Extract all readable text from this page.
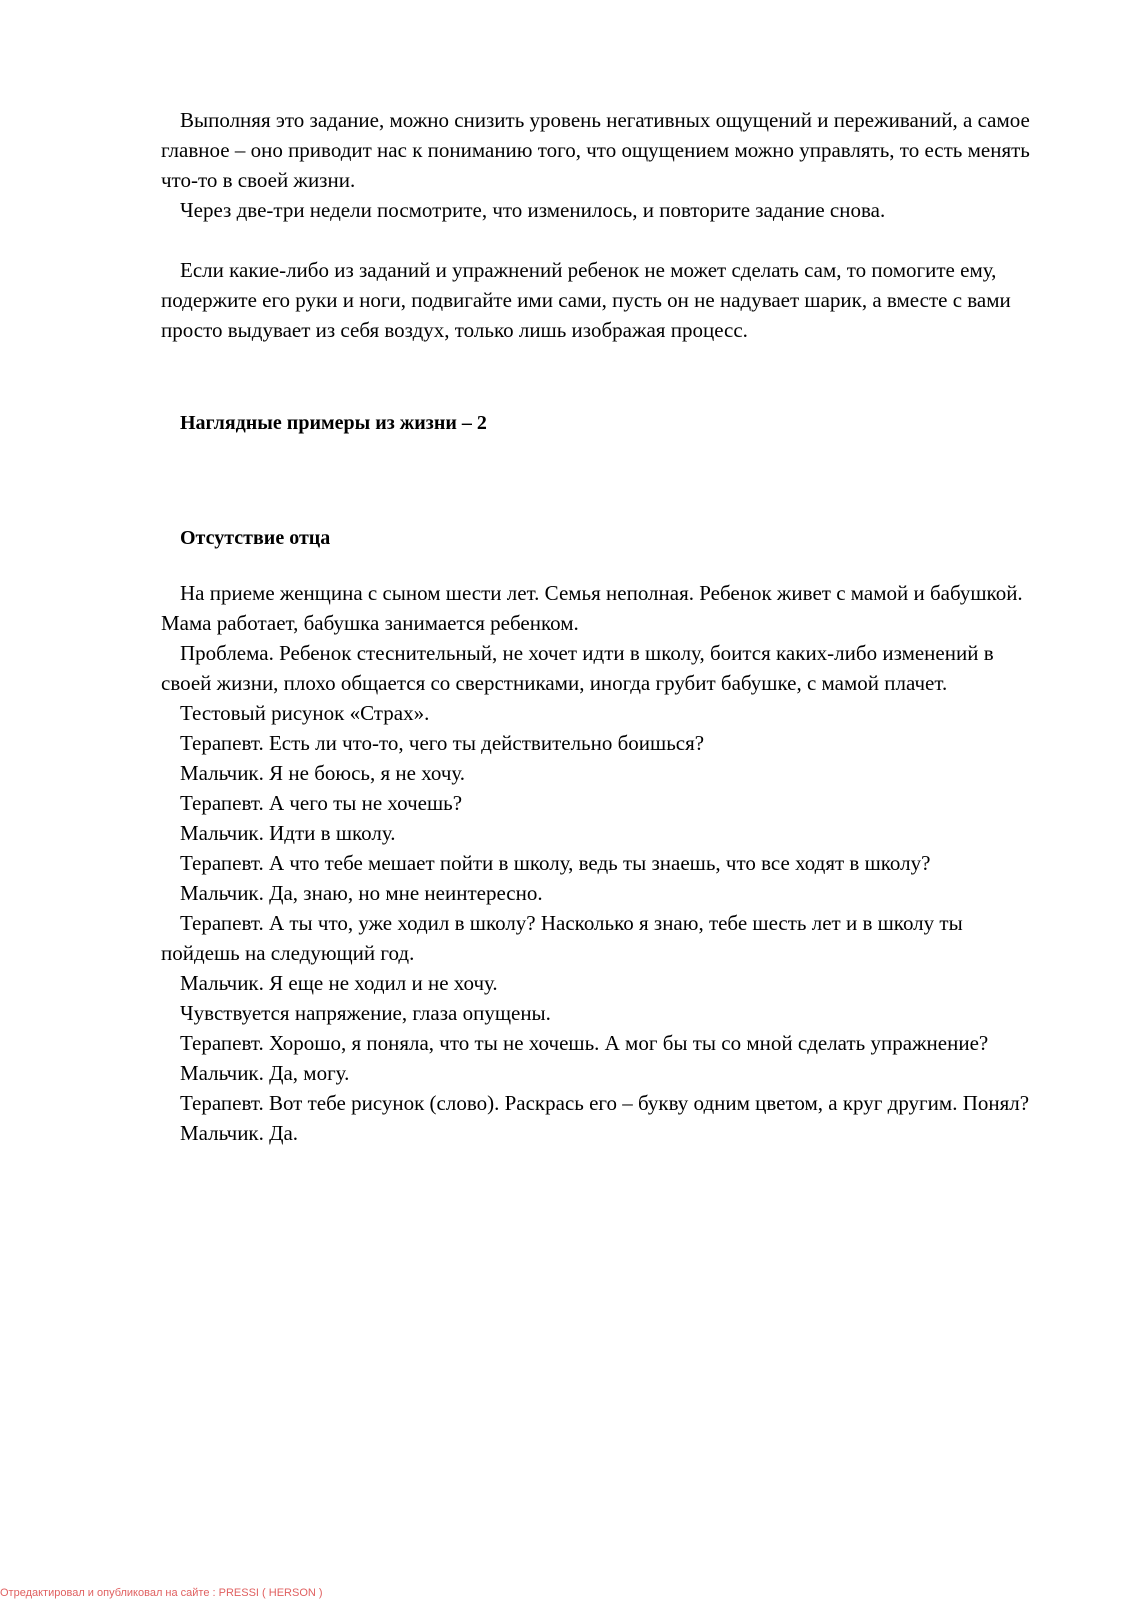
Выполняя это задание, можно снизить уровень негативных ощущений и переживаний, а самое главное – оно приводит нас к пониманию того, что ощущением можно управлять, то есть менять что-то в своей жизни.

Через две-три недели посмотрите, что изменилось, и повторите задание снова.

Если какие-либо из заданий и упражнений ребенок не может сделать сам, то помогите ему, подержите его руки и ноги, подвигайте ими сами, пусть он не надувает шарик, а вместе с вами просто выдувает из себя воздух, только лишь изображая процесс.

Наглядные примеры из жизни – 2
Отсутствие отца

На приеме женщина с сыном шести лет. Семья неполная. Ребенок живет с мамой и бабушкой. Мама работает, бабушка занимается ребенком.

Проблема. Ребенок стеснительный, не хочет идти в школу, боится каких-либо изменений в своей жизни, плохо общается со сверстниками, иногда грубит бабушке, с мамой плачет.

Тестовый рисунок «Страх».

Терапевт. Есть ли что-то, чего ты действительно боишься?

Мальчик. Я не боюсь, я не хочу.

Терапевт. А чего ты не хочешь?

Мальчик. Идти в школу.

Терапевт. А что тебе мешает пойти в школу, ведь ты знаешь, что все ходят в школу?

Мальчик. Да, знаю, но мне неинтересно.

Терапевт. А ты что, уже ходил в школу? Насколько я знаю, тебе шесть лет и в школу ты пойдешь на следующий год.

Мальчик. Я еще не ходил и не хочу.

Чувствуется напряжение, глаза опущены.

Терапевт. Хорошо, я поняла, что ты не хочешь. А мог бы ты со мной сделать упражнение?

Мальчик. Да, могу.

Терапевт. Вот тебе рисунок (слово). Раскрась его – букву одним цветом, а круг другим. Понял?

Мальчик. Да.

Отредактировал и опубликовал на сайте : PRESSI ( HERSON )
